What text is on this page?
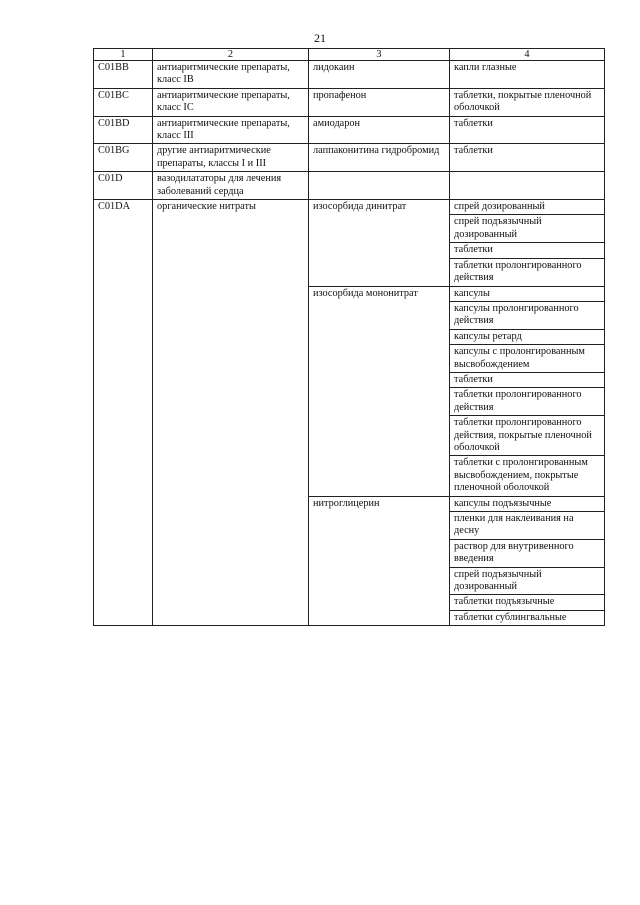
21
1	2	3	4
C01BB	антиаритмические препараты, класс IB	лидокаин	капли глазные
C01BC	антиаритмические препараты, класс IC	пропафенон	таблетки, покрытые пленочной оболочкой
C01BD	антиаритмические препараты, класс III	амиодарон	таблетки
C01BG	другие антиаритмические препараты, классы I и III	лаппаконитина гидробромид	таблетки
C01D	вазодилататоры для лечения заболеваний сердца		
C01DA	органические нитраты	изосорбида динитрат	спрей дозированный
			спрей подъязычный дозированный
			таблетки
			таблетки пролонгированного действия
		изосорбида мононитрат	капсулы
			капсулы пролонгированного действия
			капсулы ретард
			капсулы с пролонгированным высвобождением
			таблетки
			таблетки пролонгированного действия
			таблетки пролонгированного действия, покрытые пленочной оболочкой
			таблетки с пролонгированным высвобождением, покрытые пленочной оболочкой
		нитроглицерин	капсулы подъязычные
			пленки для наклеивания на десну
			раствор для внутривенного введения
			спрей подъязычный дозированный
			таблетки подъязычные
			таблетки сублингвальные
